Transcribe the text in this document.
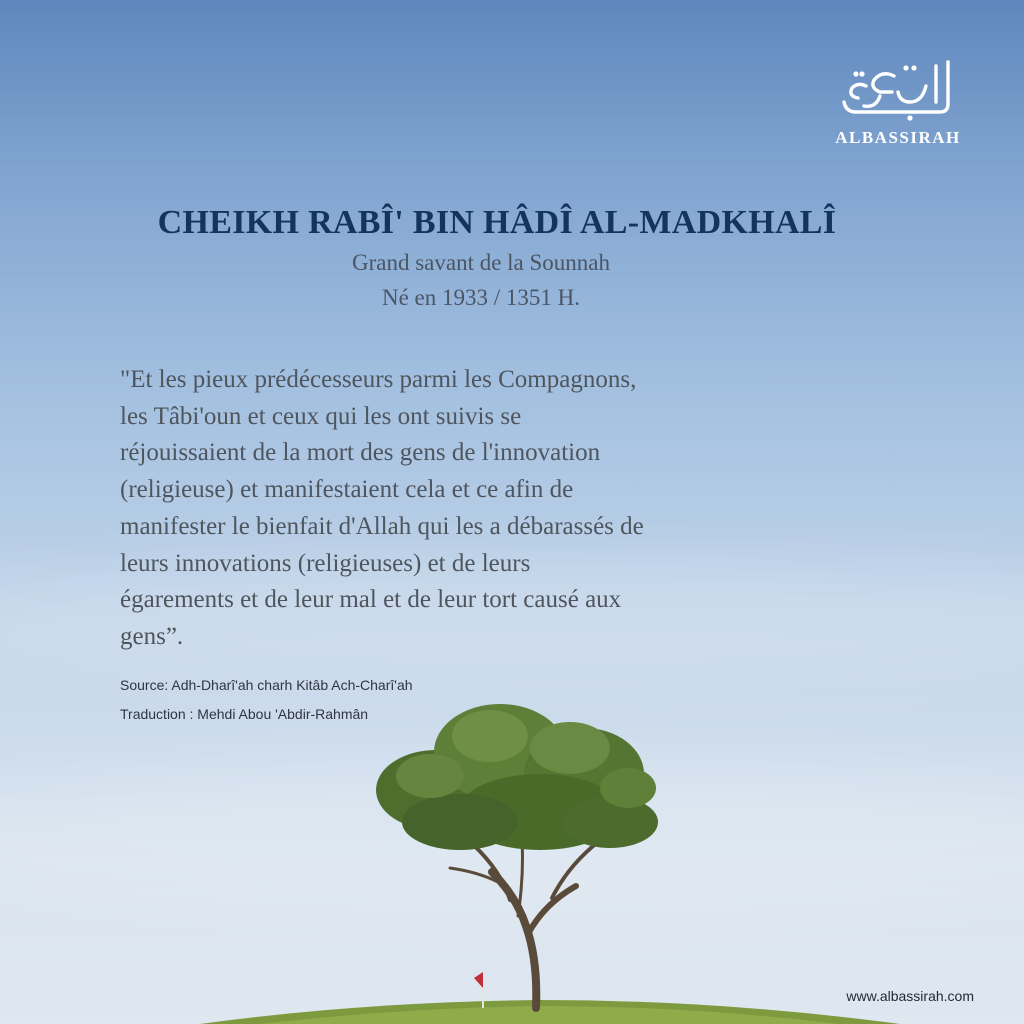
ALBASSIRAH
CHEIKH RABÎ' BIN HÂDÎ AL-MADKHALÎ
Grand savant de la Sounnah
Né en 1933 / 1351 H.
"Et les pieux prédécesseurs parmi les Compagnons,
les Tâbi'oun et ceux qui les ont suivis se
réjouissaient de la mort des gens de l'innovation
(religieuse) et manifestaient cela et ce afin de
manifester le bienfait d'Allah qui les a débarassés de
leurs innovations (religieuses) et de leurs
égarements et de leur mal et de leur tort causé aux
gens”.
Source: Adh-Dharî'ah charh Kitâb Ach-Charî'ah
Traduction : Mehdi Abou 'Abdir-Rahmân
www.albassirah.com
